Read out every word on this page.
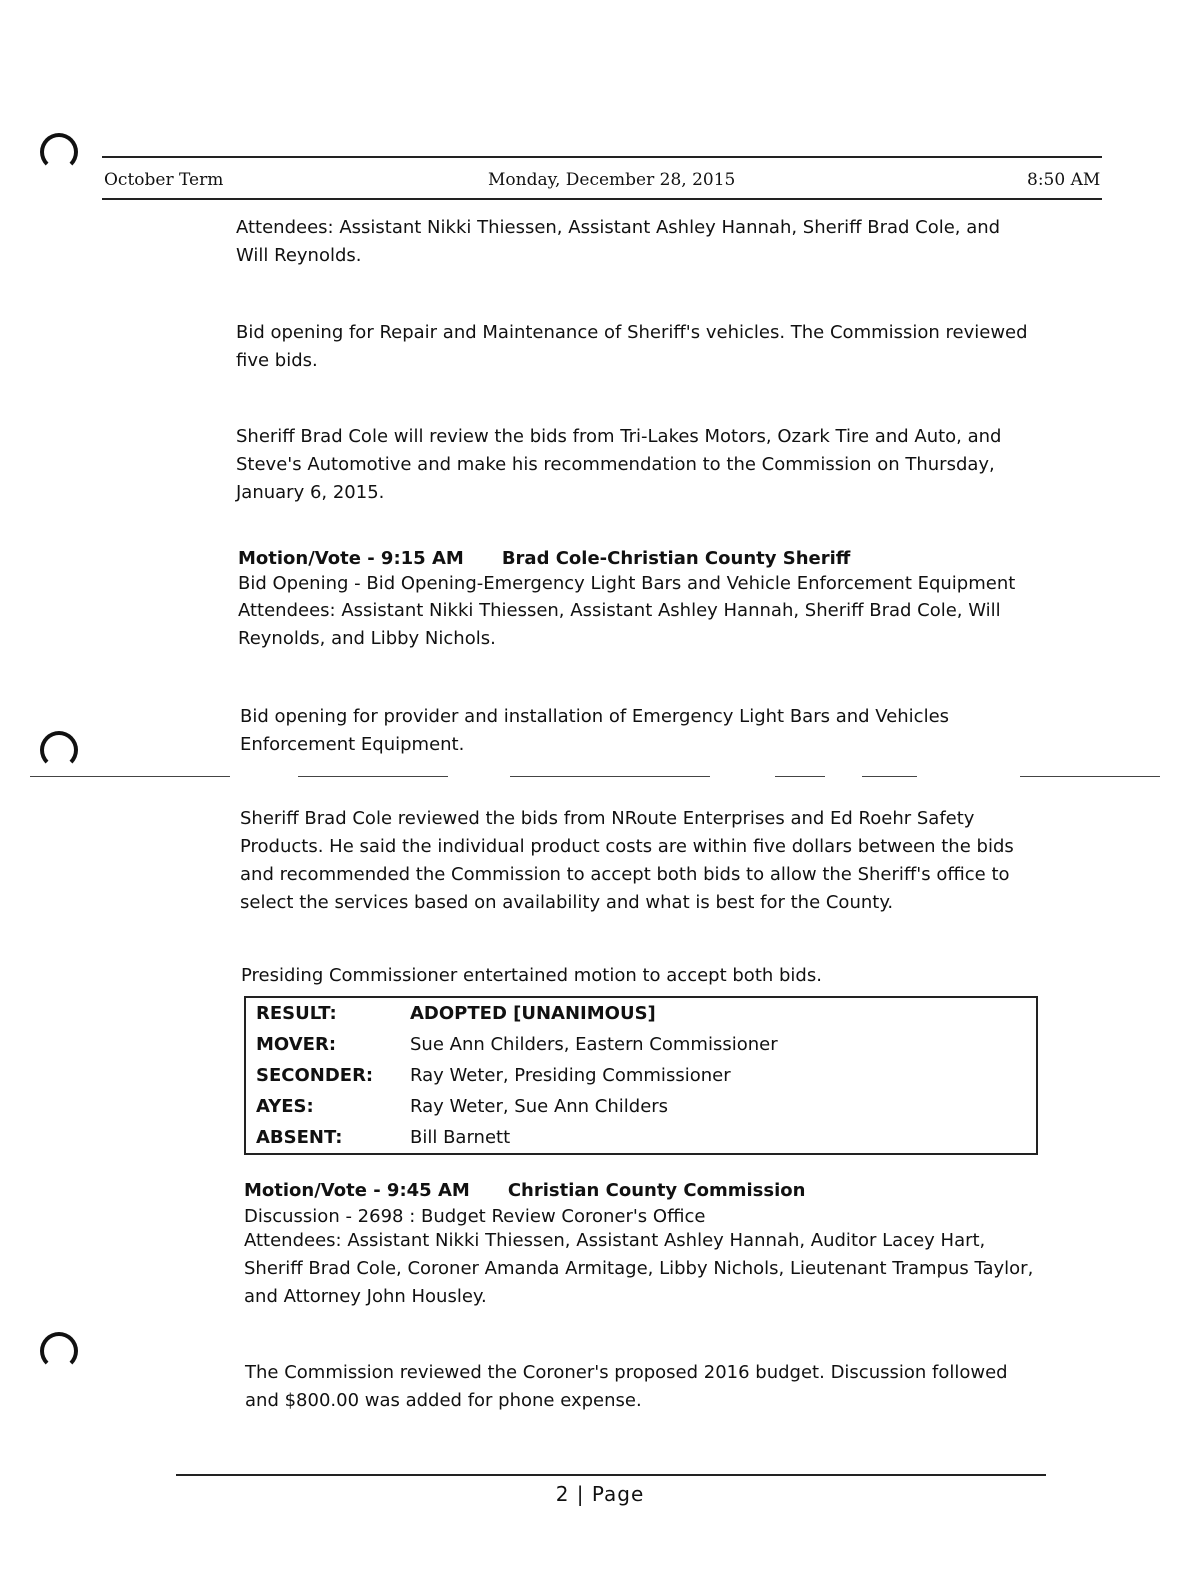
October Term	Monday, December 28, 2015	8:50 AM

Attendees: Assistant Nikki Thiessen, Assistant Ashley Hannah, Sheriff Brad Cole, and Will Reynolds.

Bid opening for Repair and Maintenance of Sheriff's vehicles. The Commission reviewed five bids.

Sheriff Brad Cole will review the bids from Tri-Lakes Motors, Ozark Tire and Auto, and Steve's Automotive and make his recommendation to the Commission on Thursday, January 6, 2015.

Motion/Vote - 9:15 AM Brad Cole-Christian County Sheriff

Bid Opening - Bid Opening-Emergency Light Bars and Vehicle Enforcement Equipment

Attendees: Assistant Nikki Thiessen, Assistant Ashley Hannah, Sheriff Brad Cole, Will Reynolds, and Libby Nichols.

Bid opening for provider and installation of Emergency Light Bars and Vehicles Enforcement Equipment.

Sheriff Brad Cole reviewed the bids from NRoute Enterprises and Ed Roehr Safety Products. He said the individual product costs are within five dollars between the bids and recommended the Commission to accept both bids to allow the Sheriff's office to select the services based on availability and what is best for the County.

Presiding Commissioner entertained motion to accept both bids.

RESULT:	ADOPTED [UNANIMOUS]
MOVER:	Sue Ann Childers, Eastern Commissioner
SECONDER:	Ray Weter, Presiding Commissioner
AYES:	Ray Weter, Sue Ann Childers
ABSENT:	Bill Barnett
Motion/Vote - 9:45 AM Christian County Commission

Discussion - 2698 : Budget Review Coroner's Office

Attendees: Assistant Nikki Thiessen, Assistant Ashley Hannah, Auditor Lacey Hart, Sheriff Brad Cole, Coroner Amanda Armitage, Libby Nichols, Lieutenant Trampus Taylor, and Attorney John Housley.

The Commission reviewed the Coroner's proposed 2016 budget. Discussion followed and $800.00 was added for phone expense.

2 | Page
